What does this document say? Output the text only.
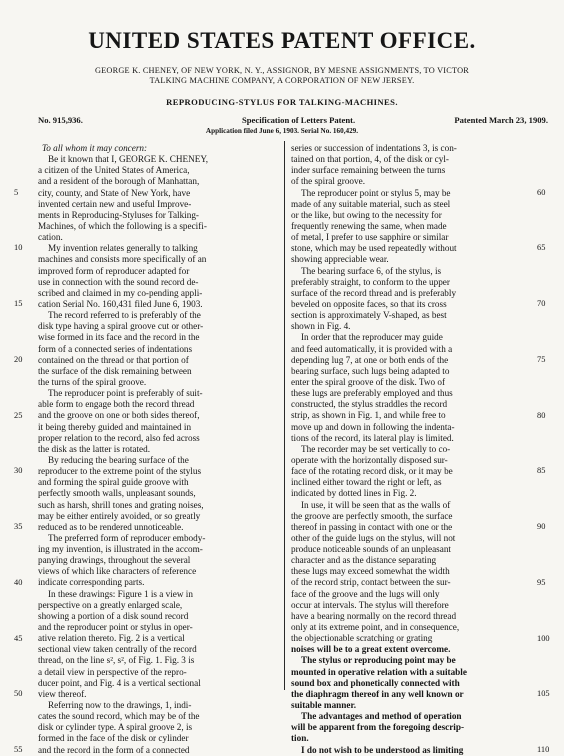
UNITED STATES PATENT OFFICE.
GEORGE K. CHENEY, OF NEW YORK, N. Y., ASSIGNOR, BY MESNE ASSIGNMENTS, TO VICTOR
TALKING MACHINE COMPANY, A CORPORATION OF NEW JERSEY.
REPRODUCING-STYLUS FOR TALKING-MACHINES.
No. 915,936.	Specification of Letters Patent.	Patented March 23, 1909.
Application filed June 6, 1903. Serial No. 160,429.
To all whom it may concern:
Be it known that I, GEORGE K. CHENEY,
a citizen of the United States of America,
and a resident of the borough of Manhattan,
city, county, and State of New York, have
invented certain new and useful Improve-
ments in Reproducing-Styluses for Talking-
Machines, of which the following is a specifi-
cation.
My invention relates generally to talking
machines and consists more specifically of an
improved form of reproducer adapted for
use in connection with the sound record de-
scribed and claimed in my co-pending appli-
cation Serial No. 160,431 filed June 6, 1903.
The record referred to is preferably of the
disk type having a spiral groove cut or other-
wise formed in its face and the record in the
form of a connected series of indentations
contained on the thread or that portion of
the surface of the disk remaining between
the turns of the spiral groove.
The reproducer point is preferably of suit-
able form to engage both the record thread
and the groove on one or both sides thereof,
it being thereby guided and maintained in
proper relation to the record, also fed across
the disk as the latter is rotated.
By reducing the bearing surface of the
reproducer to the extreme point of the stylus
and forming the spiral guide groove with
perfectly smooth walls, unpleasant sounds,
such as harsh, shrill tones and grating noises,
may be either entirely avoided, or so greatly
reduced as to be rendered unnoticeable.
The preferred form of reproducer embody-
ing my invention, is illustrated in the accom-
panying drawings, throughout the several
views of which like characters of reference
indicate corresponding parts.
In these drawings: Figure 1 is a view in
perspective on a greatly enlarged scale,
showing a portion of a disk sound record
and the reproducer point or stylus in oper-
ative relation thereto. Fig. 2 is a vertical
sectional view taken centrally of the record
thread, on the line s², s², of Fig. 1. Fig. 3 is
a detail view in perspective of the repro-
ducer point, and Fig. 4 is a vertical sectional
view thereof.
Referring now to the drawings, 1, indi-
cates the sound record, which may be of the
disk or cylinder type. A spiral groove 2, is
formed in the face of the disk or cylinder
and the record in the form of a connected
series or succession of indentations 3, is con-
tained on that portion, 4, of the disk or cyl-
inder surface remaining between the turns
of the spiral groove.
The reproducer point or stylus 5, may be
made of any suitable material, such as steel
or the like, but owing to the necessity for
frequently renewing the same, when made
of metal, I prefer to use sapphire or similar
stone, which may be used repeatedly without
showing appreciable wear.
The bearing surface 6, of the stylus, is
preferably straight, to conform to the upper
surface of the record thread and is preferably
beveled on opposite faces, so that its cross
section is approximately V-shaped, as best
shown in Fig. 4.
In order that the reproducer may guide
and feed automatically, it is provided with a
depending lug 7, at one or both ends of the
bearing surface, such lugs being adapted to
enter the spiral groove of the disk. Two of
these lugs are preferably employed and thus
constructed, the stylus straddles the record
strip, as shown in Fig. 1, and while free to
move up and down in following the indenta-
tions of the record, its lateral play is limited.
The recorder may be set vertically to co-
operate with the horizontally disposed sur-
face of the rotating record disk, or it may be
inclined either toward the right or left, as
indicated by dotted lines in Fig. 2.
In use, it will be seen that as the walls of
the groove are perfectly smooth, the surface
thereof in passing in contact with one or the
other of the guide lugs on the stylus, will not
produce noticeable sounds of an unpleasant
character and as the distance separating
these lugs may exceed somewhat the width
of the record strip, contact between the sur-
face of the groove and the lugs will only
occur at intervals. The stylus will therefore
have a bearing normally on the record thread
only at its extreme point, and in consequence,
the objectionable scratching or grating
noises will be to a great extent overcome.
The stylus or reproducing point may be
mounted in operative relation with a suitable
sound box and phonetically connected with
the diaphragm thereof in any well known or
suitable manner.
The advantages and method of operation
will be apparent from the foregoing descrip-
tion.
I do not wish to be understood as limiting
5
10
15
20
25
30
35
40
45
50
55
60
65
70
75
80
85
90
95
100
105
110
